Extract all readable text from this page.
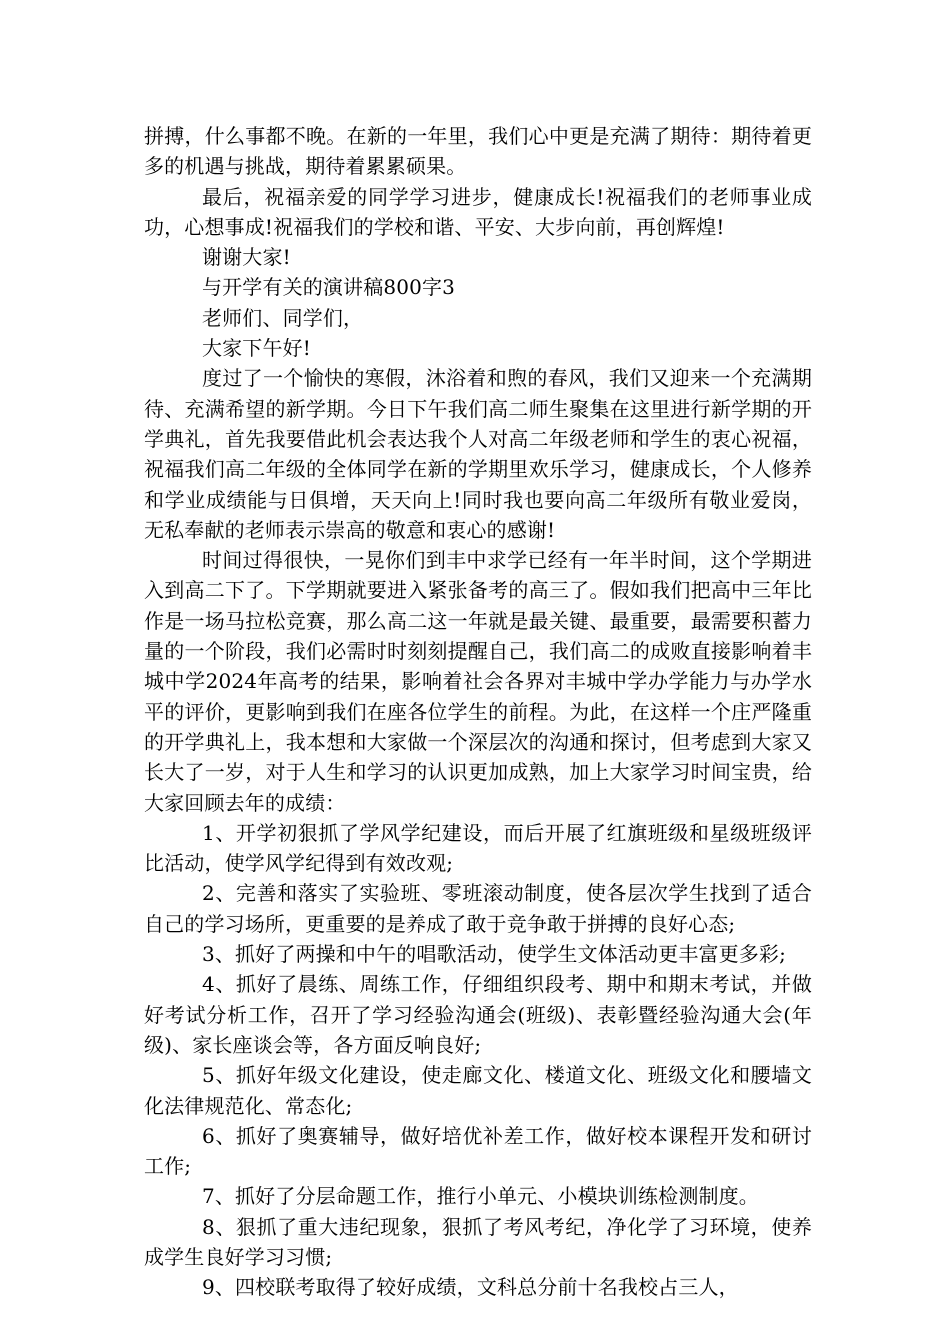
拼搏，什么事都不晚。在新的一年里，我们心中更是充满了期待：期待着更多的机遇与挑战，期待着累累硕果。

最后，祝福亲爱的同学学习进步，健康成长!祝福我们的老师事业成功，心想事成!祝福我们的学校和谐、平安、大步向前，再创辉煌!

谢谢大家!

与开学有关的演讲稿800字3

老师们、同学们，

大家下午好!

度过了一个愉快的寒假，沐浴着和煦的春风，我们又迎来一个充满期待、充满希望的新学期。今日下午我们高二师生聚集在这里进行新学期的开学典礼，首先我要借此机会表达我个人对高二年级老师和学生的衷心祝福，祝福我们高二年级的全体同学在新的学期里欢乐学习，健康成长，个人修养和学业成绩能与日俱增，天天向上!同时我也要向高二年级所有敬业爱岗，无私奉献的老师表示崇高的敬意和衷心的感谢!

时间过得很快，一晃你们到丰中求学已经有一年半时间，这个学期进入到高二下了。下学期就要进入紧张备考的高三了。假如我们把高中三年比作是一场马拉松竞赛，那么高二这一年就是最关键、最重要，最需要积蓄力量的一个阶段，我们必需时时刻刻提醒自己，我们高二的成败直接影响着丰城中学2024年高考的结果，影响着社会各界对丰城中学办学能力与办学水平的评价，更影响到我们在座各位学生的前程。为此，在这样一个庄严隆重的开学典礼上，我本想和大家做一个深层次的沟通和探讨，但考虑到大家又长大了一岁，对于人生和学习的认识更加成熟，加上大家学习时间宝贵，给大家回顾去年的成绩：

1、开学初狠抓了学风学纪建设，而后开展了红旗班级和星级班级评比活动，使学风学纪得到有效改观;

2、完善和落实了实验班、零班滚动制度，使各层次学生找到了适合自己的学习场所，更重要的是养成了敢于竞争敢于拼搏的良好心态;

3、抓好了两操和中午的唱歌活动，使学生文体活动更丰富更多彩;

4、抓好了晨练、周练工作，仔细组织段考、期中和期末考试，并做好考试分析工作，召开了学习经验沟通会(班级)、表彰暨经验沟通大会(年级)、家长座谈会等，各方面反响良好;

5、抓好年级文化建设，使走廊文化、楼道文化、班级文化和腰墙文化法律规范化、常态化;

6、抓好了奥赛辅导，做好培优补差工作，做好校本课程开发和研讨工作;

7、抓好了分层命题工作，推行小单元、小模块训练检测制度。

8、狠抓了重大违纪现象，狠抓了考风考纪，净化学了习环境，使养成学生良好学习习惯;

9、四校联考取得了较好成绩，文科总分前十名我校占三人，
